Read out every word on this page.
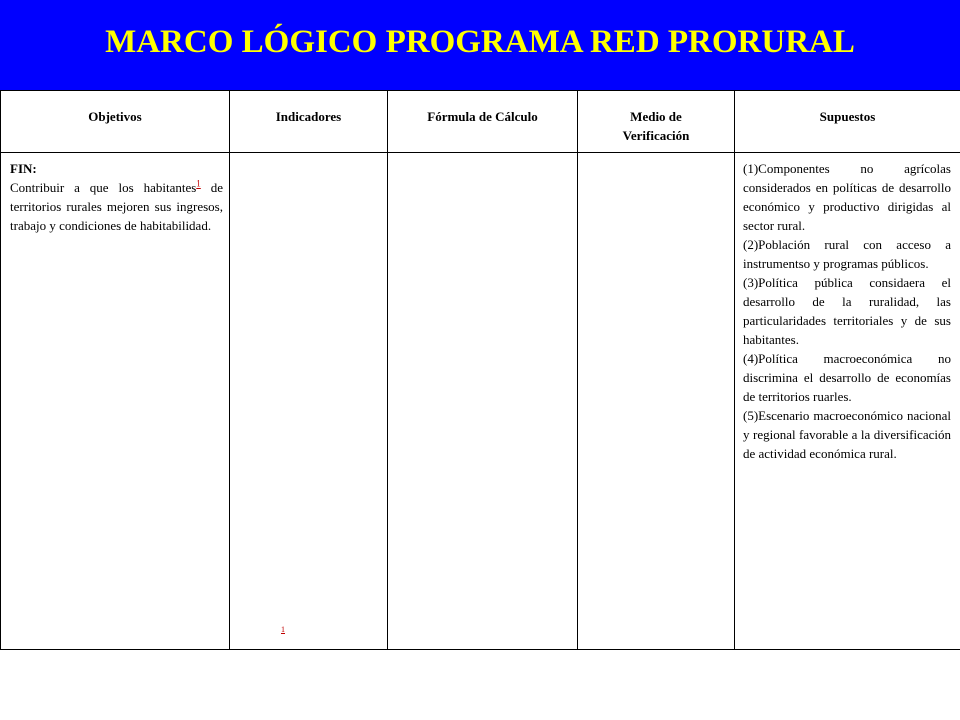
MARCO LÓGICO PROGRAMA RED PRORURAL
Objetivos	Indicadores	Fórmula de Cálculo	Medio de Verificación	Supuestos

FIN:
Contribuir a que los habitantes$^1$ de territorios rurales mejoren sus ingresos, trabajo y condiciones de habitabilidad.				(1)Componentes no agrícolas considerados en políticas de desarrollo económico y productivo dirigidas al sector rural.
(2)Población rural con acceso a instrumentso y programas públicos.
(3)Política pública considaera el desarrollo de la ruralidad, las particularidades territoriales y de sus habitantes.
(4)Política macroeconómica no discrimina el desarrollo de economías de territorios ruarles.
(5)Escenario macroeconómico nacional y regional favorable a la diversificación de actividad económica rural.
1
